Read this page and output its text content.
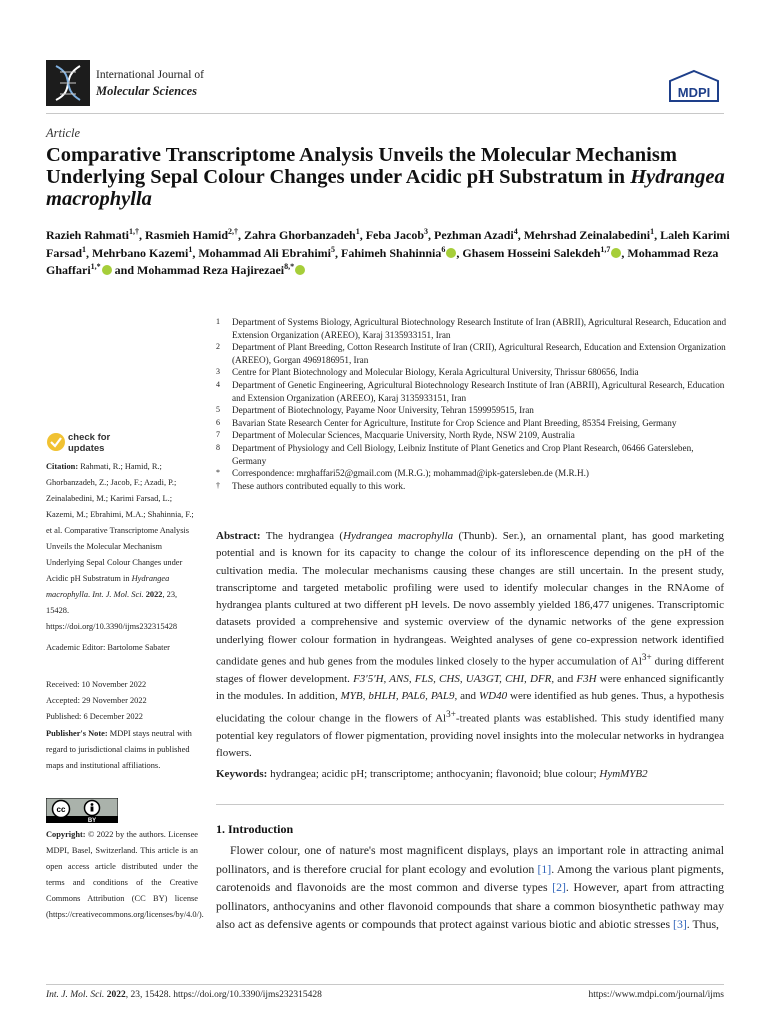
International Journal of
Molecular Sciences	MDPI
Article
Comparative Transcriptome Analysis Unveils the Molecular Mechanism Underlying Sepal Colour Changes under Acidic pH Substratum in Hydrangea macrophylla
Razieh Rahmati$^{1,\dagger}$, Rasmieh Hamid$^{2,\dagger}$, Zahra Ghorbanzadeh$^1$, Feba Jacob$^3$, Pezhman Azadi$^4$, Mehrshad Zeinalabedini$^1$, Laleh Karimi Farsad$^1$, Mehrbano Kazemi$^1$, Mohammad Ali Ebrahimi$^5$, Fahimeh Shahinnia$^6$ , Ghasem Hosseini Salekdeh$^{1,7}$ , Mohammad Reza Ghaffari$^{1,*}$ and Mohammad Reza Hajirezaei$^{8,*}$
1	Department of Systems Biology, Agricultural Biotechnology Research Institute of Iran (ABRII), Agricultural Research, Education and Extension Organization (AREEO), Karaj 3135933151, Iran
2	Department of Plant Breeding, Cotton Research Institute of Iran (CRII), Agricultural Research, Education and Extension Organization (AREEO), Gorgan 4969186951, Iran
3	Centre for Plant Biotechnology and Molecular Biology, Kerala Agricultural University, Thrissur 680656, India
4	Department of Genetic Engineering, Agricultural Biotechnology Research Institute of Iran (ABRII), Agricultural Research, Education and Extension Organization (AREEO), Karaj 3135933151, Iran
5	Department of Biotechnology, Payame Noor University, Tehran 1599959515, Iran
6	Bavarian State Research Center for Agriculture, Institute for Crop Science and Plant Breeding, 85354 Freising, Germany
7	Department of Molecular Sciences, Macquarie University, North Ryde, NSW 2109, Australia
8	Department of Physiology and Cell Biology, Leibniz Institute of Plant Genetics and Crop Plant Research, 06466 Gatersleben, Germany
*	Correspondence: mrghaffari52@gmail.com (M.R.G.); mohammad@ipk-gatersleben.de (M.R.H.)
†	These authors contributed equally to this work.
check for
updates
Citation: Rahmati, R.; Hamid, R.; Ghorbanzadeh, Z.; Jacob, F.; Azadi, P.; Zeinalabedini, M.; Karimi Farsad, L.; Kazemi, M.; Ebrahimi, M.A.; Shahinnia, F.; et al. Comparative Transcriptome Analysis Unveils the Molecular Mechanism Underlying Sepal Colour Changes under Acidic pH Substratum in Hydrangea macrophylla. Int. J. Mol. Sci. 2022, 23, 15428. https://doi.org/10.3390/ijms232315428
Academic Editor: Bartolome Sabater
Received: 10 November 2022
Accepted: 29 November 2022
Published: 6 December 2022
Publisher's Note: MDPI stays neutral with regard to jurisdictional claims in published maps and institutional affiliations.
cc
BY
Copyright: © 2022 by the authors. Licensee MDPI, Basel, Switzerland. This article is an open access article distributed under the terms and conditions of the Creative Commons Attribution (CC BY) license (https://creativecommons.org/licenses/by/4.0/).
Abstract: The hydrangea (Hydrangea macrophylla (Thunb). Ser.), an ornamental plant, has good marketing potential and is known for its capacity to change the colour of its inflorescence depending on the pH of the cultivation media. The molecular mechanisms causing these changes are still uncertain. In the present study, transcriptome and targeted metabolic profiling were used to identify molecular changes in the RNAome of hydrangea plants cultured at two different pH levels. De novo assembly yielded 186,477 unigenes. Transcriptomic datasets provided a comprehensive and systemic overview of the dynamic networks of the gene expression underlying flower colour formation in hydrangeas. Weighted analyses of gene co-expression network identified candidate genes and hub genes from the modules linked closely to the hyper accumulation of $Al^{3+}$ during different stages of flower development. F3′5′H, ANS, FLS, CHS, UA3GT, CHI, DFR, and F3H were enhanced significantly in the modules. In addition, MYB, bHLH, PAL6, PAL9, and WD40 were identified as hub genes. Thus, a hypothesis elucidating the colour change in the flowers of $Al^{3+}$-treated plants was established. This study identified many potential key regulators of flower pigmentation, providing novel insights into the molecular networks in hydrangea flowers.
Keywords: hydrangea; acidic pH; transcriptome; anthocyanin; flavonoid; blue colour; HymMYB2
1. Introduction
Flower colour, one of nature's most magnificent displays, plays an important role in attracting animal pollinators, and is therefore crucial for plant ecology and evolution [1]. Among the various plant pigments, carotenoids and flavonoids are the most common and diverse types [2]. However, apart from attracting pollinators, anthocyanins and other flavonoid compounds that share a common biosynthetic pathway may also act as defensive agents or compounds that protect against various biotic and abiotic stresses [3]. Thus,
Int. J. Mol. Sci. 2022, 23, 15428. https://doi.org/10.3390/ijms232315428	https://www.mdpi.com/journal/ijms
